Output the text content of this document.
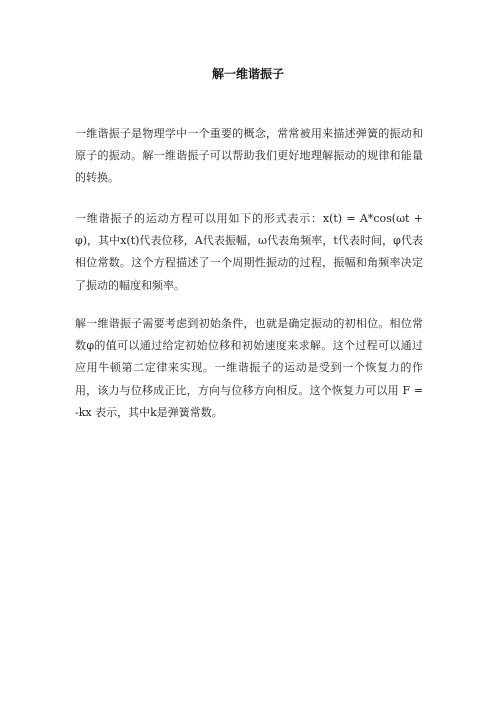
解一维谐振子

一维谐振子是物理学中一个重要的概念，常常被用来描述弹簧的振动和原子的振动。解一维谐振子可以帮助我们更好地理解振动的规律和能量的转换。

一维谐振子的运动方程可以用如下的形式表示：x(t) = A*cos(ωt + φ)，其中x(t)代表位移，A代表振幅，ω代表角频率，t代表时间，φ代表相位常数。这个方程描述了一个周期性振动的过程，振幅和角频率决定了振动的幅度和频率。

解一维谐振子需要考虑到初始条件，也就是确定振动的初相位。相位常数φ的值可以通过给定初始位移和初始速度来求解。这个过程可以通过应用牛顿第二定律来实现。一维谐振子的运动是受到一个恢复力的作用，该力与位移成正比，方向与位移方向相反。这个恢复力可以用 F = -kx 表示，其中k是弹簧常数。
